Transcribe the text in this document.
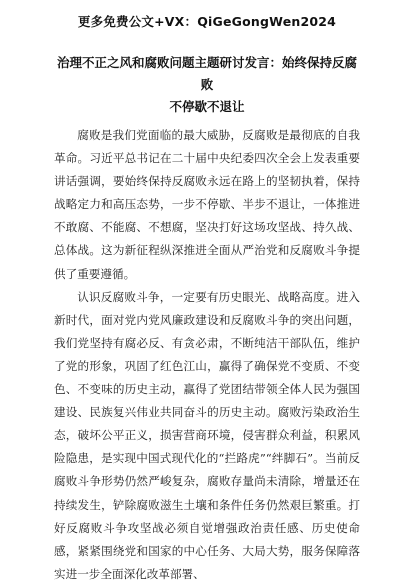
更多免费公文+VX：QiGeGongWen2024
治理不正之风和腐败问题主题研讨发言：始终保持反腐败
不停歇不退让

腐败是我们党面临的最大威胁，反腐败是最彻底的自我革命。习近平总书记在二十届中央纪委四次全会上发表重要讲话强调，要始终保持反腐败永远在路上的坚韧执着，保持战略定力和高压态势，一步不停歇、半步不退让，一体推进不敢腐、不能腐、不想腐，坚决打好这场攻坚战、持久战、总体战。这为新征程纵深推进全面从严治党和反腐败斗争提供了重要遵循。

认识反腐败斗争，一定要有历史眼光、战略高度。进入新时代，面对党内党风廉政建设和反腐败斗争的突出问题，我们党坚持有腐必反、有贪必肃，不断纯洁干部队伍，维护了党的形象，巩固了红色江山，赢得了确保党不变质、不变色、不变味的历史主动，赢得了党团结带领全体人民为强国建设、民族复兴伟业共同奋斗的历史主动。腐败污染政治生态，破坏公平正义，损害营商环境，侵害群众利益，积累风险隐患，是实现中国式现代化的“拦路虎”“绊脚石”。当前反腐败斗争形势仍然严峻复杂，腐败存量尚未清除，增量还在持续发生，铲除腐败滋生土壤和条件任务仍然艰巨繁重。打好反腐败斗争攻坚战必须自觉增强政治责任感、历史使命感，紧紧围绕党和国家的中心任务、大局大势，服务保障落实进一步全面深化改革部署、
